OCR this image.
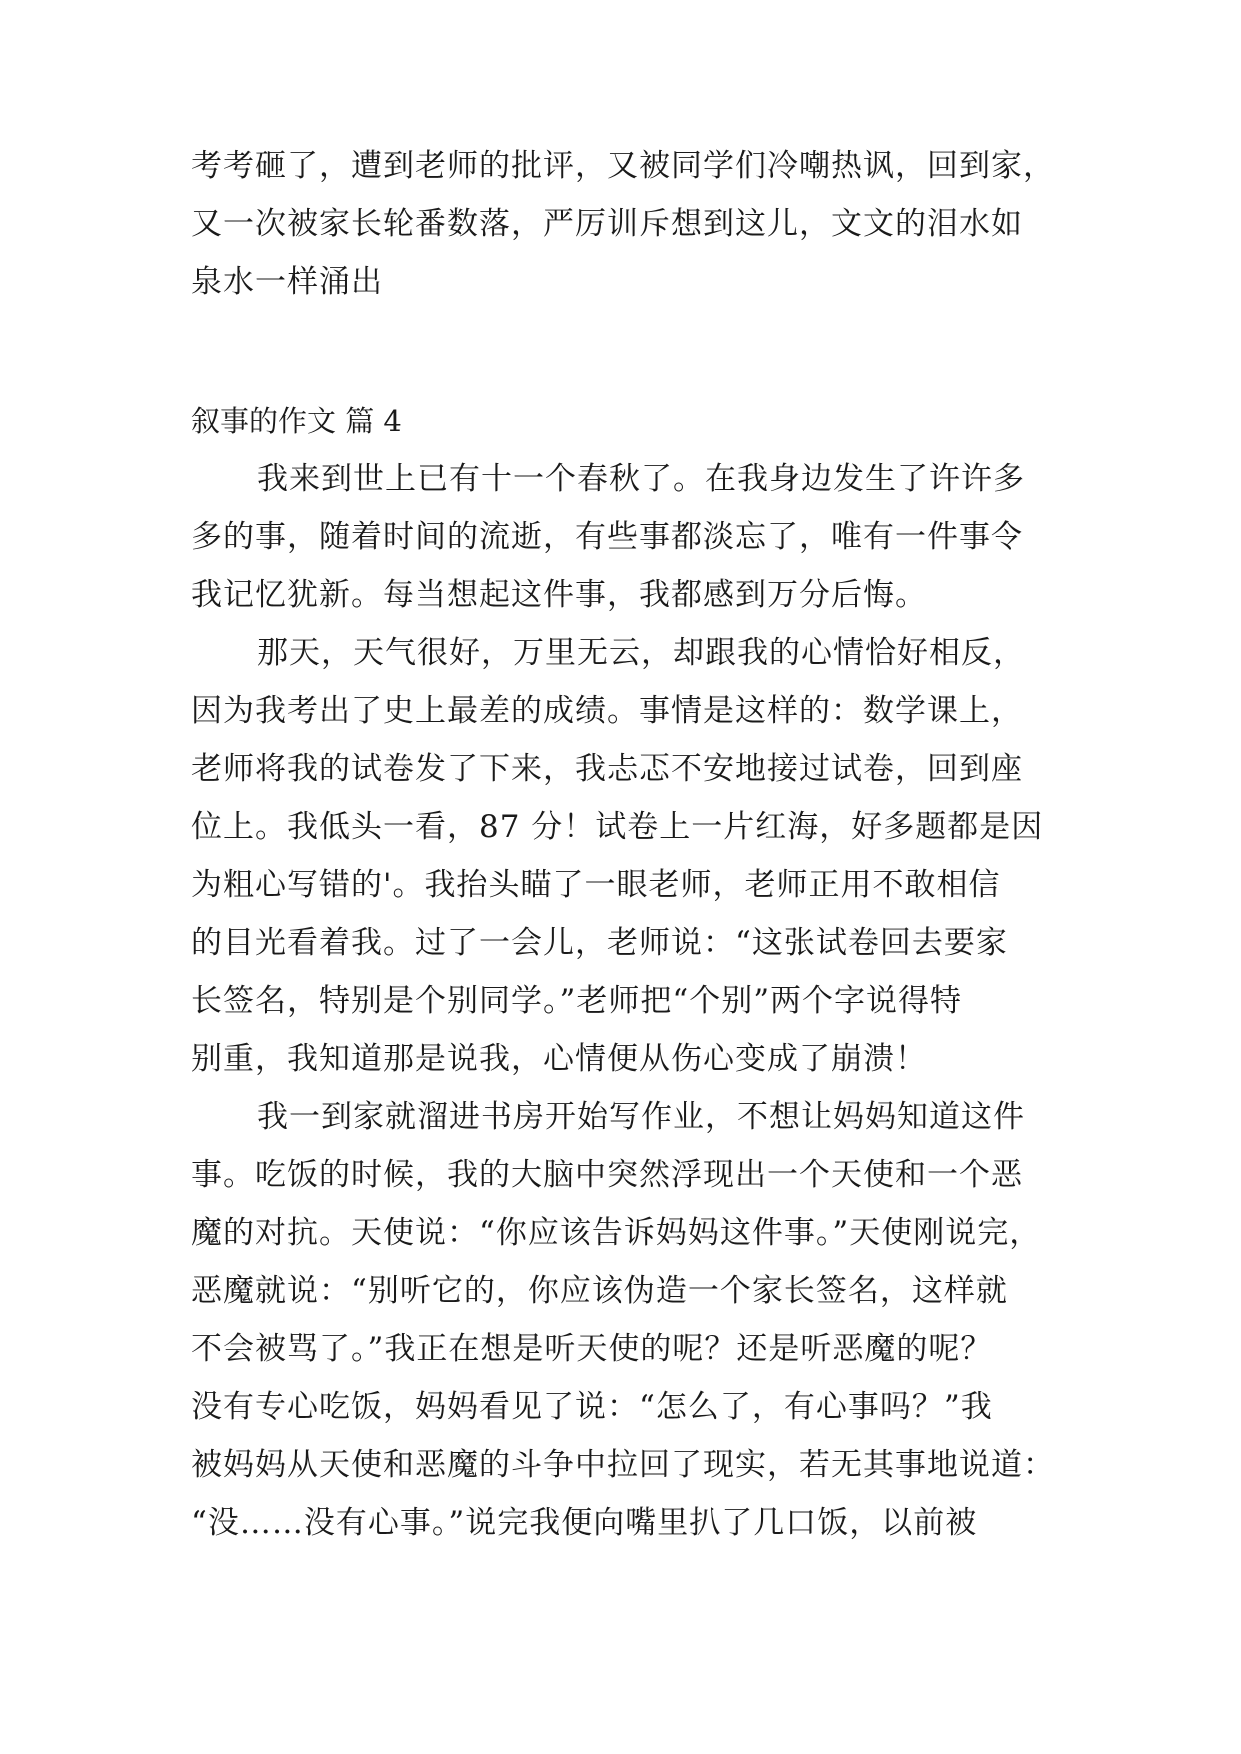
考考砸了，遭到老师的批评，又被同学们冷嘲热讽，回到家，
又一次被家长轮番数落，严厉训斥想到这儿，文文的泪水如
泉水一样涌出
叙事的作文 篇 4
我来到世上已有十一个春秋了。在我身边发生了许许多
多的事，随着时间的流逝，有些事都淡忘了，唯有一件事令
我记忆犹新。每当想起这件事，我都感到万分后悔。
那天，天气很好，万里无云，却跟我的心情恰好相反，
因为我考出了史上最差的成绩。事情是这样的：数学课上，
老师将我的试卷发了下来，我忐忑不安地接过试卷，回到座
位上。我低头一看，87 分！试卷上一片红海，好多题都是因
为粗心写错的'。我抬头瞄了一眼老师，老师正用不敢相信
的目光看着我。过了一会儿，老师说：“这张试卷回去要家
长签名，特别是个别同学。”老师把“个别”两个字说得特
别重，我知道那是说我，心情便从伤心变成了崩溃！
我一到家就溜进书房开始写作业，不想让妈妈知道这件
事。吃饭的时候，我的大脑中突然浮现出一个天使和一个恶
魔的对抗。天使说：“你应该告诉妈妈这件事。”天使刚说完，
恶魔就说：“别听它的，你应该伪造一个家长签名，这样就
不会被骂了。”我正在想是听天使的呢？还是听恶魔的呢？
没有专心吃饭，妈妈看见了说：“怎么了，有心事吗？”我
被妈妈从天使和恶魔的斗争中拉回了现实，若无其事地说道：
“没……没有心事。”说完我便向嘴里扒了几口饭，以前被
